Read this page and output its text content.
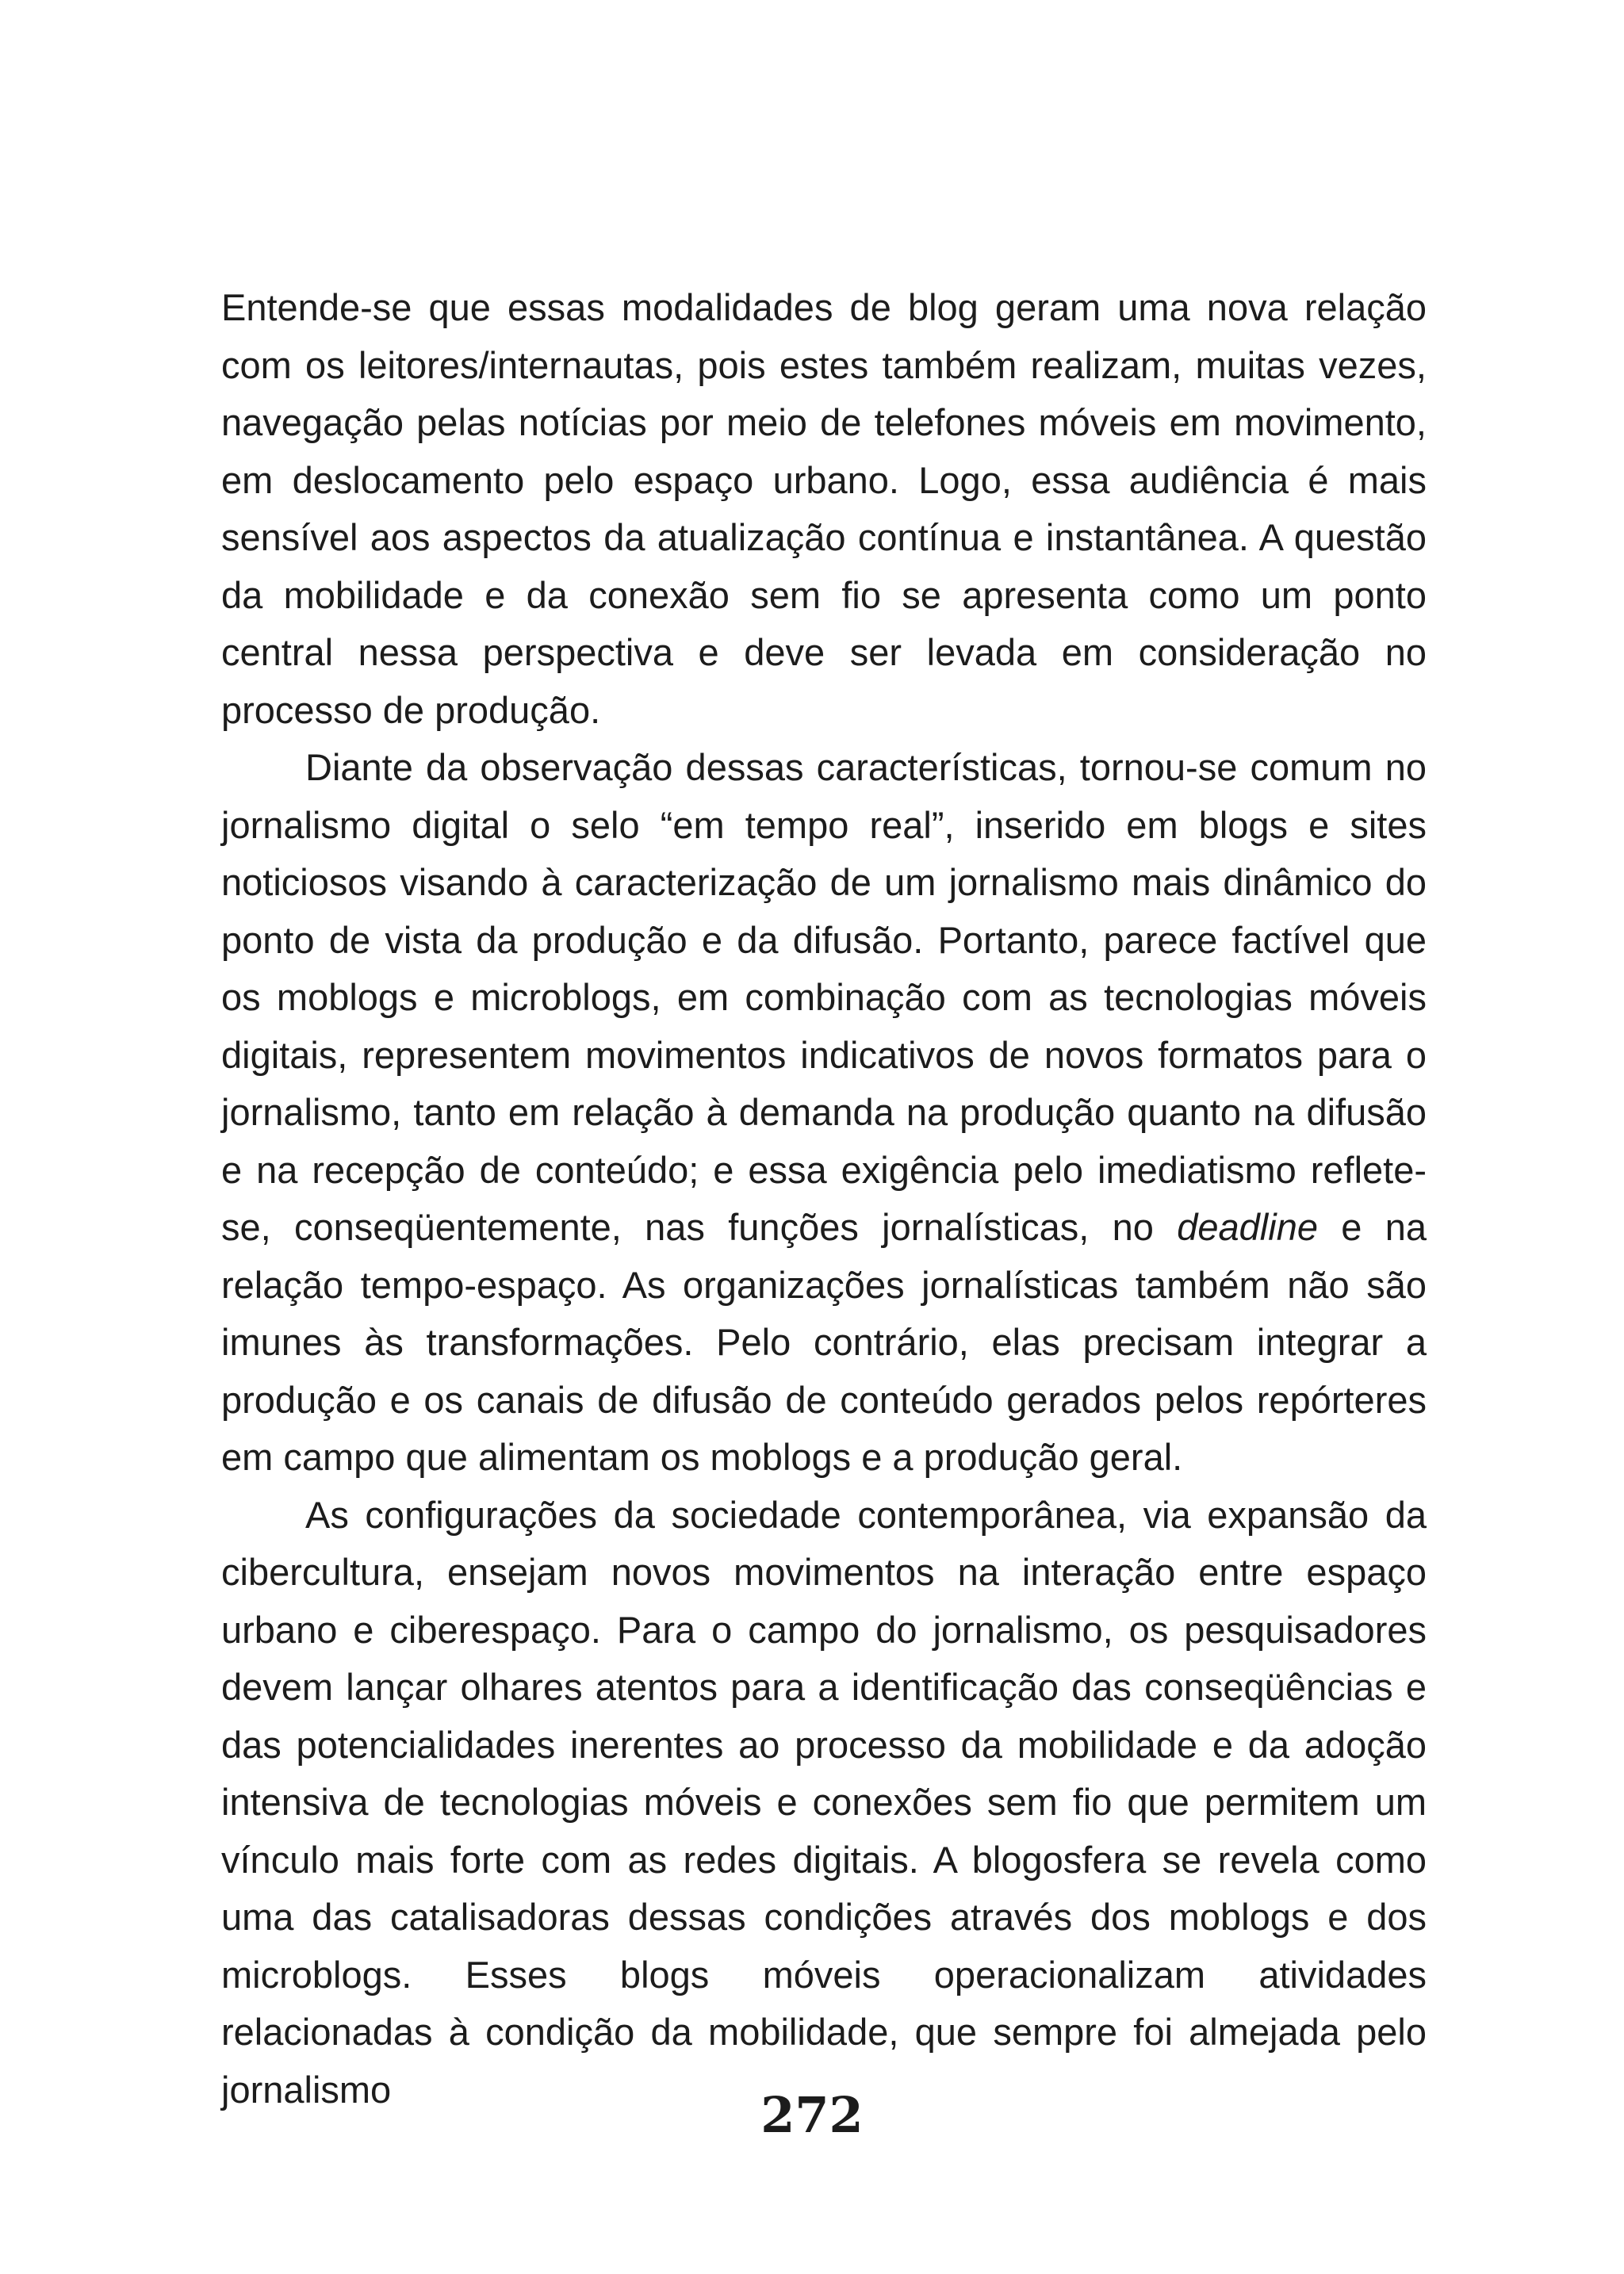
Entende-se que essas modalidades de blog geram uma nova relação com os leitores/internautas, pois estes também realizam, muitas vezes, navegação pelas notícias por meio de telefones móveis em movimento, em deslocamento pelo espaço urbano. Logo, essa audiência é mais sensível aos aspectos da atualização contínua e instantânea. A questão da mobilidade e da conexão sem fio se apresenta como um ponto central nessa perspectiva e deve ser levada em consideração no processo de produção.

Diante da observação dessas características, tornou-se comum no jornalismo digital o selo “em tempo real”, inserido em blogs e sites noticiosos visando à caracterização de um jornalismo mais dinâmico do ponto de vista da produção e da difusão. Portanto, parece factível que os moblogs e microblogs, em combinação com as tecnologias móveis digitais, representem movimentos indicativos de novos formatos para o jornalismo, tanto em relação à demanda na produção quanto na difusão e na recepção de conteúdo; e essa exigência pelo imediatismo reflete-se, conseqüentemente, nas funções jornalísticas, no deadline e na relação tempo-espaço. As organizações jornalísticas também não são imunes às transformações. Pelo contrário, elas precisam integrar a produção e os canais de difusão de conteúdo gerados pelos repórteres em campo que alimentam os moblogs e a produção geral.

As configurações da sociedade contemporânea, via expansão da cibercultura, ensejam novos movimentos na interação entre espaço urbano e ciberespaço. Para o campo do jornalismo, os pesquisadores devem lançar olhares atentos para a identificação das conseqüências e das potencialidades inerentes ao processo da mobilidade e da adoção intensiva de tecnologias móveis e conexões sem fio que permitem um vínculo mais forte com as redes digitais. A blogosfera se revela como uma das catalisadoras dessas condições através dos moblogs e dos microblogs. Esses blogs móveis operacionalizam atividades relacionadas à condição da mobilidade, que sempre foi almejada pelo jornalismo	272
